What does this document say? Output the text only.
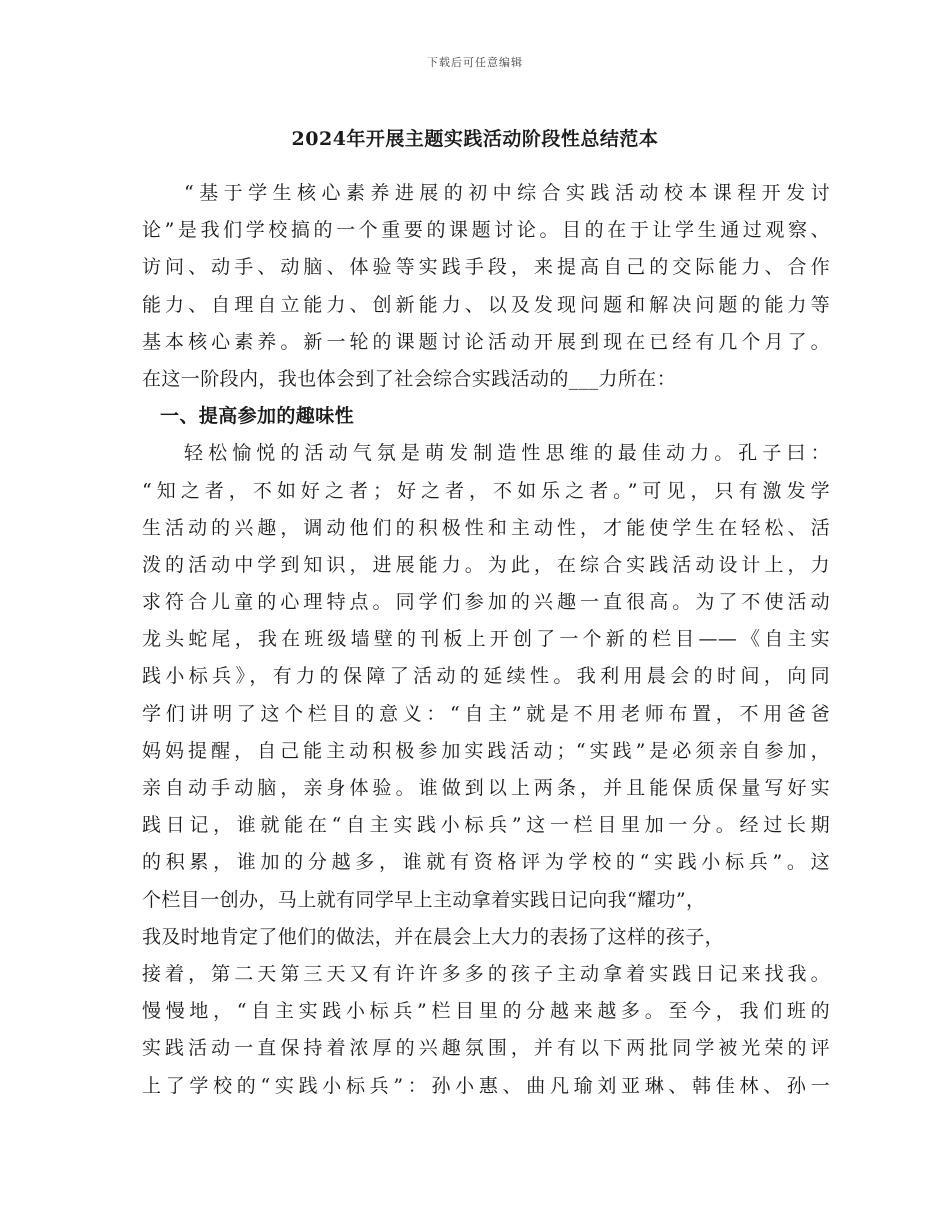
下载后可任意编辑
2024年开展主题实践活动阶段性总结范本
“基于学生核心素养进展的初中综合实践活动校本课程开发讨
论”是我们学校搞的一个重要的课题讨论。目的在于让学生通过观察、
访问、动手、动脑、体验等实践手段，来提高自己的交际能力、合作
能力、自理自立能力、创新能力、以及发现问题和解决问题的能力等
基本核心素养。新一轮的课题讨论活动开展到现在已经有几个月了。
在这一阶段内，我也体会到了社会综合实践活动的___力所在：
一、提高参加的趣味性
轻松愉悦的活动气氛是萌发制造性思维的最佳动力。孔子曰：
“知之者，不如好之者；好之者，不如乐之者。”可见，只有激发学
生活动的兴趣，调动他们的积极性和主动性，才能使学生在轻松、活
泼的活动中学到知识，进展能力。为此，在综合实践活动设计上，力
求符合儿童的心理特点。同学们参加的兴趣一直很高。为了不使活动
龙头蛇尾，我在班级墙壁的刊板上开创了一个新的栏目——《自主实
践小标兵》，有力的保障了活动的延续性。我利用晨会的时间，向同
学们讲明了这个栏目的意义：“自主”就是不用老师布置，不用爸爸
妈妈提醒，自己能主动积极参加实践活动；“实践”是必须亲自参加，
亲自动手动脑，亲身体验。谁做到以上两条，并且能保质保量写好实
践日记，谁就能在“自主实践小标兵”这一栏目里加一分。经过长期
的积累，谁加的分越多，谁就有资格评为学校的“实践小标兵”。这
个栏目一创办，马上就有同学早上主动拿着实践日记向我“耀功”，
我及时地肯定了他们的做法，并在晨会上大力的表扬了这样的孩子，
接着，第二天第三天又有许许多多的孩子主动拿着实践日记来找我。
慢慢地，“自主实践小标兵”栏目里的分越来越多。至今，我们班的
实践活动一直保持着浓厚的兴趣氛围，并有以下两批同学被光荣的评
上了学校的“实践小标兵”：孙小惠、曲凡瑜刘亚琳、韩佳林、孙一
